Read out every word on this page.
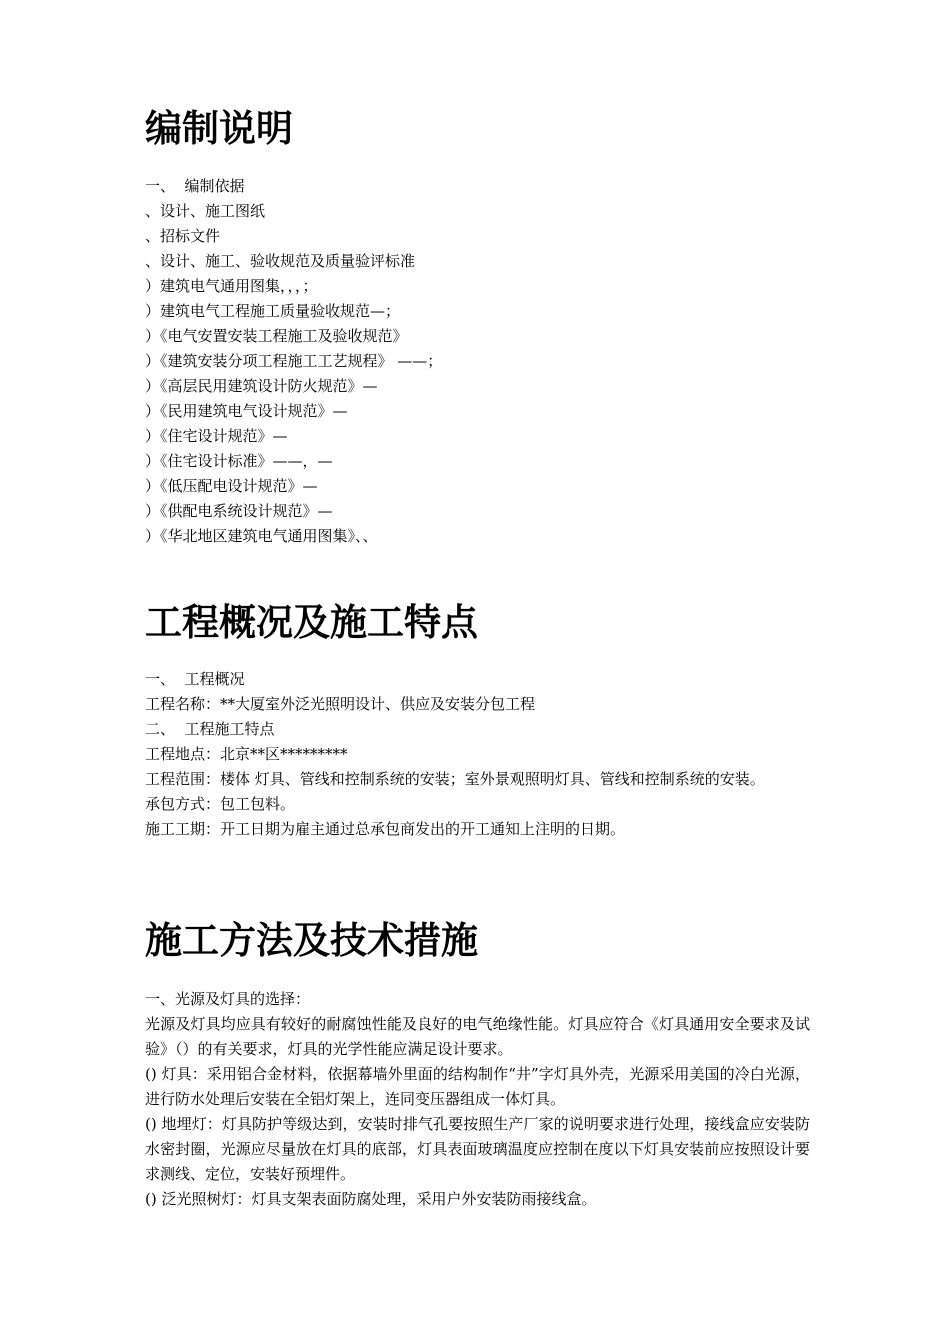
编制说明

一、  编制依据

、设计、施工图纸

、招标文件

、设计、施工、验收规范及质量验评标准

）建筑电气通用图集，，，；

）建筑电气工程施工质量验收规范—；

）《电气安置安装工程施工及验收规范》

）《建筑安装分项工程施工工艺规程》 ——；

）《高层民用建筑设计防火规范》—

）《民用建筑电气设计规范》—

）《住宅设计规范》—

）《住宅设计标准》——，—

）《低压配电设计规范》—

）《供配电系统设计规范》—

）《华北地区建筑电气通用图集》、、

工程概况及施工特点

一、  工程概况

工程名称：**大厦室外泛光照明设计、供应及安装分包工程

二、  工程施工特点

工程地点：北京**区*********

工程范围：楼体 灯具、管线和控制系统的安装；室外景观照明灯具、管线和控制系统的安装。

承包方式：包工包料。

施工工期：开工日期为雇主通过总承包商发出的开工通知上注明的日期。

施工方法及技术措施

一、光源及灯具的选择：

光源及灯具均应具有较好的耐腐蚀性能及良好的电气绝缘性能。灯具应符合《灯具通用安全要求及试验》（）的有关要求，灯具的光学性能应满足设计要求。

() 灯具：采用铝合金材料，依据幕墙外里面的结构制作“井”字灯具外壳，光源采用美国的冷白光源，进行防水处理后安装在全铝灯架上，连同变压器组成一体灯具。

() 地埋灯：灯具防护等级达到，安装时排气孔要按照生产厂家的说明要求进行处理，接线盒应安装防水密封圈，光源应尽量放在灯具的底部，灯具表面玻璃温度应控制在度以下灯具安装前应按照设计要求测线、定位，安装好预埋件。

() 泛光照树灯：灯具支架表面防腐处理，采用户外安装防雨接线盒。
